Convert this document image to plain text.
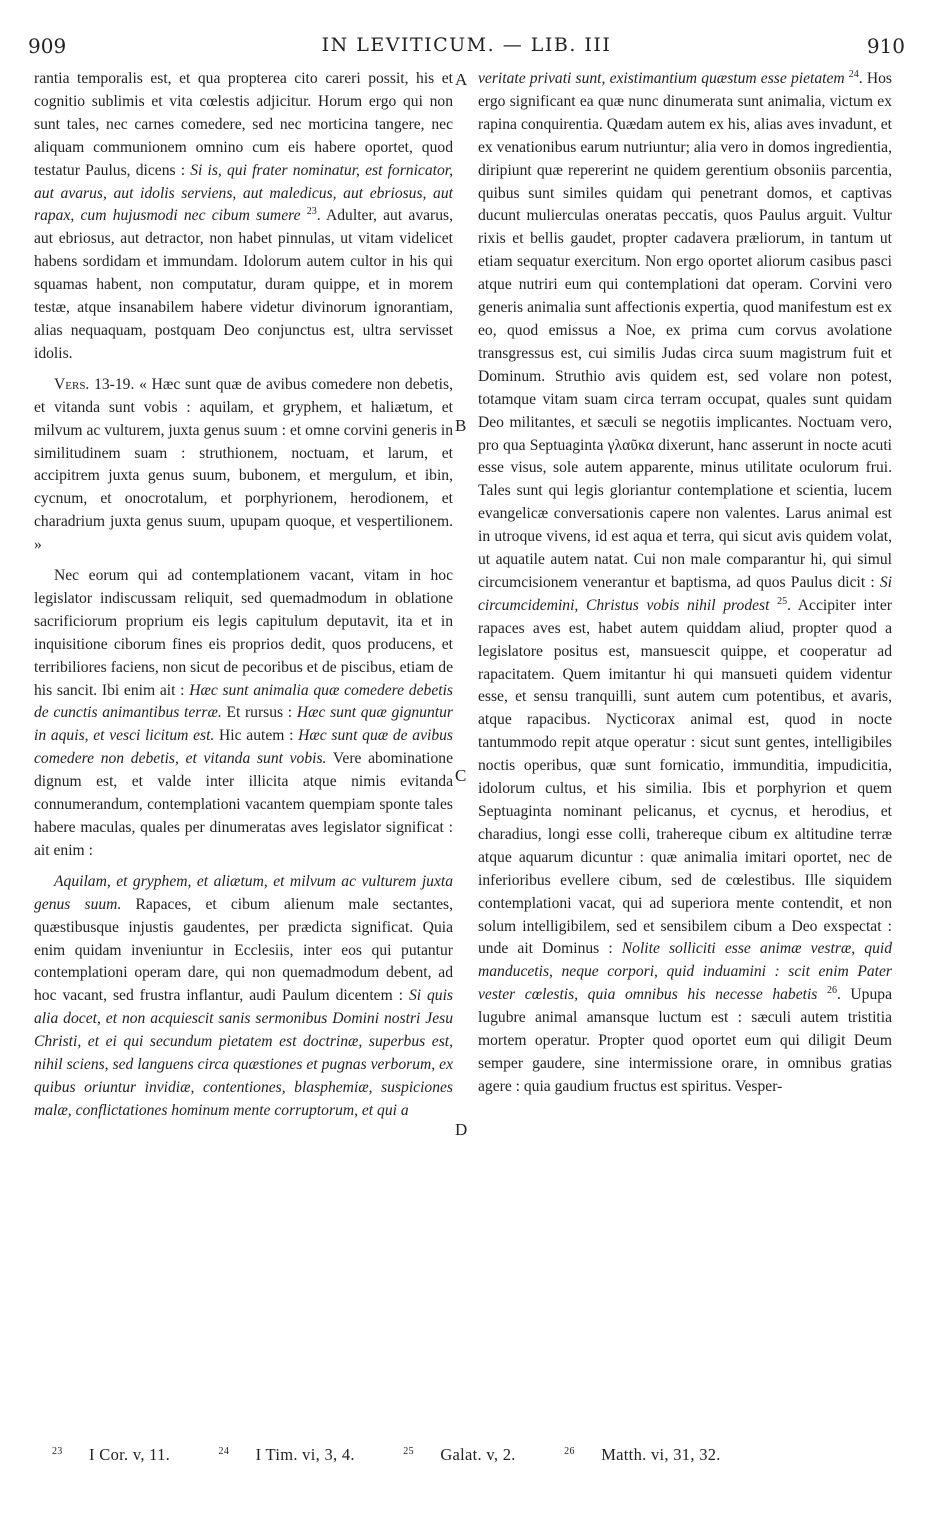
909	IN LEVITICUM. — LIB. III	910
A
B
C
D

rantia temporalis est, et qua propterea cito careri possit, his et cognitio sublimis et vita cœlestis adjicitur. Horum ergo qui non sunt tales, nec carnes comedere, sed nec morticina tangere, nec aliquam communionem omnino cum eis habere oportet, quod testatur Paulus, dicens : Si is, qui frater nominatur, est fornicator, aut avarus, aut idolis serviens, aut maledicus, aut ebriosus, aut rapax, cum hujusmodi nec cibum sumere $^{23}$. Adulter, aut avarus, aut ebriosus, aut detractor, non habet pinnulas, ut vitam videlicet habens sordidam et immundam. Idolorum autem cultor in his qui squamas habent, non computatur, duram quippe, et in morem testæ, atque insanabilem habere videtur divinorum ignorantiam, alias nequaquam, postquam Deo conjunctus est, ultra servisset idolis.

Vers. 13-19. « Hæc sunt quæ de avibus comedere non debetis, et vitanda sunt vobis : aquilam, et gryphem, et haliætum, et milvum ac vulturem, juxta genus suum : et omne corvini generis in similitudinem suam : struthionem, noctuam, et larum, et accipitrem juxta genus suum, bubonem, et mergulum, et ibin, cycnum, et onocrotalum, et porphyrionem, herodionem, et charadrium juxta genus suum, upupam quoque, et vespertilionem. »

Nec eorum qui ad contemplationem vacant, vitam in hoc legislator indiscussam reliquit, sed quemadmodum in oblatione sacrificiorum proprium eis legis capitulum deputavit, ita et in inquisitione ciborum fines eis proprios dedit, quos producens, et terribiliores faciens, non sicut de pecoribus et de piscibus, etiam de his sancit. Ibi enim ait : Hæc sunt animalia quæ comedere debetis de cunctis animantibus terræ. Et rursus : Hæc sunt quæ gignuntur in aquis, et vesci licitum est. Hic autem : Hæc sunt quæ de avibus comedere non debetis, et vitanda sunt vobis. Vere abominatione dignum est, et valde inter illicita atque nimis evitanda connumerandum, contemplationi vacantem quempiam sponte tales habere maculas, quales per dinumeratas aves legislator significat : ait enim :

Aquilam, et gryphem, et aliætum, et milvum ac vulturem juxta genus suum. Rapaces, et cibum alienum male sectantes, quæstibusque injustis gaudentes, per prædicta significat. Quia enim quidam inveniuntur in Ecclesiis, inter eos qui putantur contemplationi operam dare, qui non quemadmodum debent, ad hoc vacant, sed frustra inflantur, audi Paulum dicentem : Si quis alia docet, et non acquiescit sanis sermonibus Domini nostri Jesu Christi, et ei qui secundum pietatem est doctrinæ, superbus est, nihil sciens, sed languens circa quæstiones et pugnas verborum, ex quibus oriuntur invidiæ, contentiones, blasphemiæ, suspiciones malæ, conflictationes hominum mente corruptorum, et qui a

veritate privati sunt, existimantium quæstum esse pietatem $^{24}$. Hos ergo significant ea quæ nunc dinumerata sunt animalia, victum ex rapina conquirentia. Quædam autem ex his, alias aves invadunt, et ex venationibus earum nutriuntur; alia vero in domos ingredientia, diripiunt quæ repererint ne quidem gerentium obsoniis parcentia, quibus sunt similes quidam qui penetrant domos, et captivas ducunt mulierculas oneratas peccatis, quos Paulus arguit. Vultur rixis et bellis gaudet, propter cadavera præliorum, in tantum ut etiam sequatur exercitum. Non ergo oportet aliorum casibus pasci atque nutriri eum qui contemplationi dat operam. Corvini vero generis animalia sunt affectionis expertia, quod manifestum est ex eo, quod emissus a Noe, ex prima cum corvus avolatione transgressus est, cui similis Judas circa suum magistrum fuit et Dominum. Struthio avis quidem est, sed volare non potest, totamque vitam suam circa terram occupat, quales sunt quidam Deo militantes, et sæculi se negotiis implicantes. Noctuam vero, pro qua Septuaginta γλαῦκα dixerunt, hanc asserunt in nocte acuti esse visus, sole autem apparente, minus utilitate oculorum frui. Tales sunt qui legis gloriantur contemplatione et scientia, lucem evangelicæ conversationis capere non valentes. Larus animal est in utroque vivens, id est aqua et terra, qui sicut avis quidem volat, ut aquatile autem natat. Cui non male comparantur hi, qui simul circumcisionem venerantur et baptisma, ad quos Paulus dicit : Si circumcidemini, Christus vobis nihil prodest $^{25}$. Accipiter inter rapaces aves est, habet autem quiddam aliud, propter quod a legislatore positus est, mansuescit quippe, et cooperatur ad rapacitatem. Quem imitantur hi qui mansueti quidem videntur esse, et sensu tranquilli, sunt autem cum potentibus, et avaris, atque rapacibus. Nycticorax animal est, quod in nocte tantummodo repit atque operatur : sicut sunt gentes, intelligibiles noctis operibus, quæ sunt fornicatio, immunditia, impudicitia, idolorum cultus, et his similia. Ibis et porphyrion et quem Septuaginta nominant pelicanus, et cycnus, et herodius, et charadius, longi esse colli, trahereque cibum ex altitudine terræ atque aquarum dicuntur : quæ animalia imitari oportet, nec de inferioribus evellere cibum, sed de cœlestibus. Ille siquidem contemplationi vacat, qui ad superiora mente contendit, et non solum intelligibilem, sed et sensibilem cibum a Deo exspectat : unde ait Dominus : Nolite solliciti esse animæ vestræ, quid manducetis, neque corpori, quid induamini : scit enim Pater vester cœlestis, quia omnibus his necesse habetis $^{26}$. Upupa lugubre animal amansque luctum est : sæculi autem tristitia mortem operatur. Propter quod oportet eum qui diligit Deum semper gaudere, sine intermissione orare, in omnibus gratias agere : quia gaudium fructus est spiritus. Vesper-

$^{23}$ I Cor. v, 11.	$^{24}$ I Tim. vi, 3, 4.	$^{25}$ Galat. v, 2.	$^{26}$ Matth. vi, 31, 32.
